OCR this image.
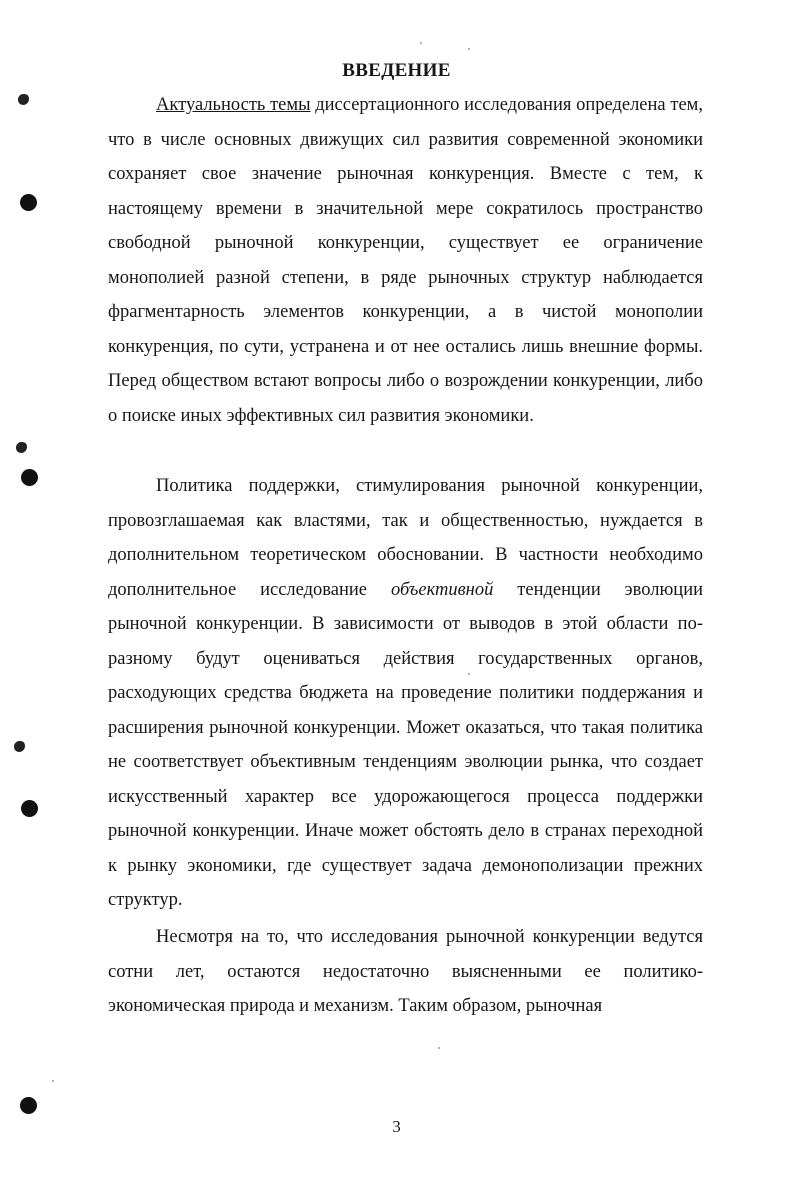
ВВЕДЕНИЕ

Актуальность темы диссертационного исследования определена тем, что в числе основных движущих сил развития современной экономики сохраняет свое значение рыночная конкуренция. Вместе с тем, к настоящему времени в значительной мере сократилось пространство свободной рыночной конкуренции, существует ее ограничение монополией разной степени, в ряде рыночных структур наблюдается фрагментарность элементов конкуренции, а в чистой монополии конкуренция, по сути, устранена и от нее остались лишь внешние формы. Перед обществом встают вопросы либо о возрождении конкуренции, либо о поиске иных эффективных сил развития экономики.

Политика поддержки, стимулирования рыночной конкуренции, провозглашаемая как властями, так и общественностью, нуждается в дополнительном теоретическом обосновании. В частности необходимо дополнительное исследование объективной тенденции эволюции рыночной конкуренции. В зависимости от выводов в этой области по-разному будут оцениваться действия государственных органов, расходующих средства бюджета на проведение политики поддержания и расширения рыночной конкуренции. Может оказаться, что такая политика не соответствует объективным тенденциям эволюции рынка, что создает искусственный характер все удорожающегося процесса поддержки рыночной конкуренции. Иначе может обстоять дело в странах переходной к рынку экономики, где существует задача демонополизации прежних структур.

Несмотря на то, что исследования рыночной конкуренции ведутся сотни лет, остаются недостаточно выясненными ее политико-экономическая природа и механизм. Таким образом, рыночная

3
